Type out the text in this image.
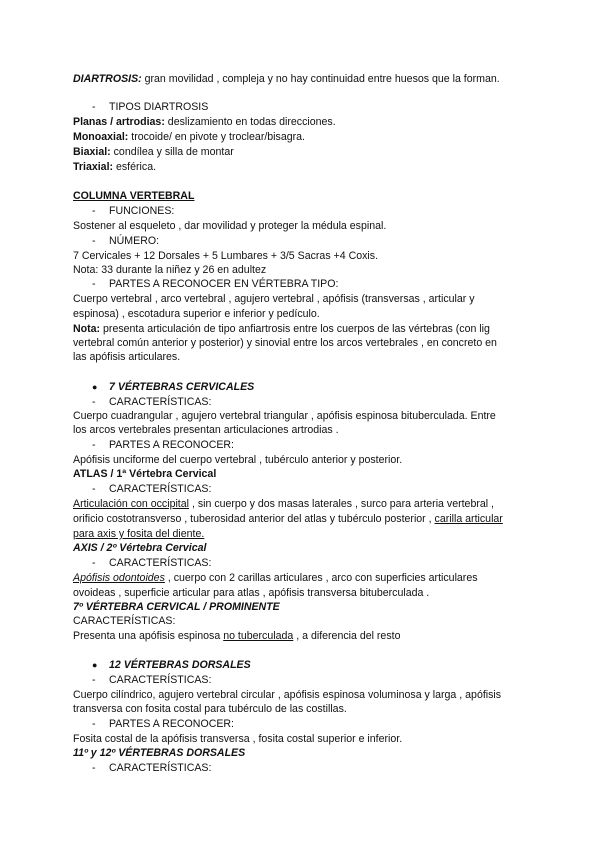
DIARTROSIS: gran movilidad , compleja y no hay continuidad entre huesos que la forman.
- TIPOS DIARTROSIS
Planas / artrodias: deslizamiento en todas direcciones.
Monoaxial: trocoide/ en pivote y troclear/bisagra.
Biaxial: condílea y silla de montar
Triaxial: esférica.
COLUMNA VERTEBRAL
- FUNCIONES:
Sostener al esqueleto , dar movilidad y proteger la médula espinal.
- NÚMERO:
7 Cervicales + 12 Dorsales + 5 Lumbares + 3/5 Sacras +4 Coxis.
Nota: 33 durante la niñez y 26 en adultez
- PARTES A RECONOCER EN VÉRTEBRA TIPO:
Cuerpo vertebral , arco vertebral , agujero vertebral , apófisis (transversas , articular y
espinosa) , escotadura superior e inferior y pedículo.
Nota: presenta articulación de tipo anfiartrosis entre los cuerpos de las vértebras (con lig
vertebral común anterior y posterior) y sinovial entre los arcos vertebrales , en concreto en
las apófisis articulares.
● 7 VÉRTEBRAS CERVICALES
- CARACTERÍSTICAS:
Cuerpo cuadrangular , agujero vertebral triangular , apófisis espinosa bituberculada. Entre
los arcos vertebrales presentan articulaciones artrodias .
- PARTES A RECONOCER:
Apófisis unciforme del cuerpo vertebral , tubérculo anterior y posterior.
ATLAS / 1ª Vértebra Cervical
- CARACTERÍSTICAS:
Articulación con occipital , sin cuerpo y dos masas laterales , surco para arteria vertebral ,
orificio costotransverso , tuberosidad anterior del atlas y tubérculo posterior , carilla articular
para axis y fosita del diente.
AXIS / 2º Vértebra Cervical
- CARACTERÍSTICAS:
Apófisis odontoides , cuerpo con 2 carillas articulares , arco con superficies articulares
ovoideas , superficie articular para atlas , apófisis transversa bituberculada .
7º VÉRTEBRA CERVICAL / PROMINENTE
CARACTERÍSTICAS:
Presenta una apófisis espinosa no tuberculada , a diferencia del resto
● 12 VÉRTEBRAS DORSALES
- CARACTERÍSTICAS:
Cuerpo cilíndrico, agujero vertebral circular , apófisis espinosa voluminosa y larga , apófisis
transversa con fosita costal para tubérculo de las costillas.
- PARTES A RECONOCER:
Fosita costal de la apófisis transversa , fosita costal superior e inferior.
11º y 12º VÉRTEBRAS DORSALES
- CARACTERÍSTICAS:
